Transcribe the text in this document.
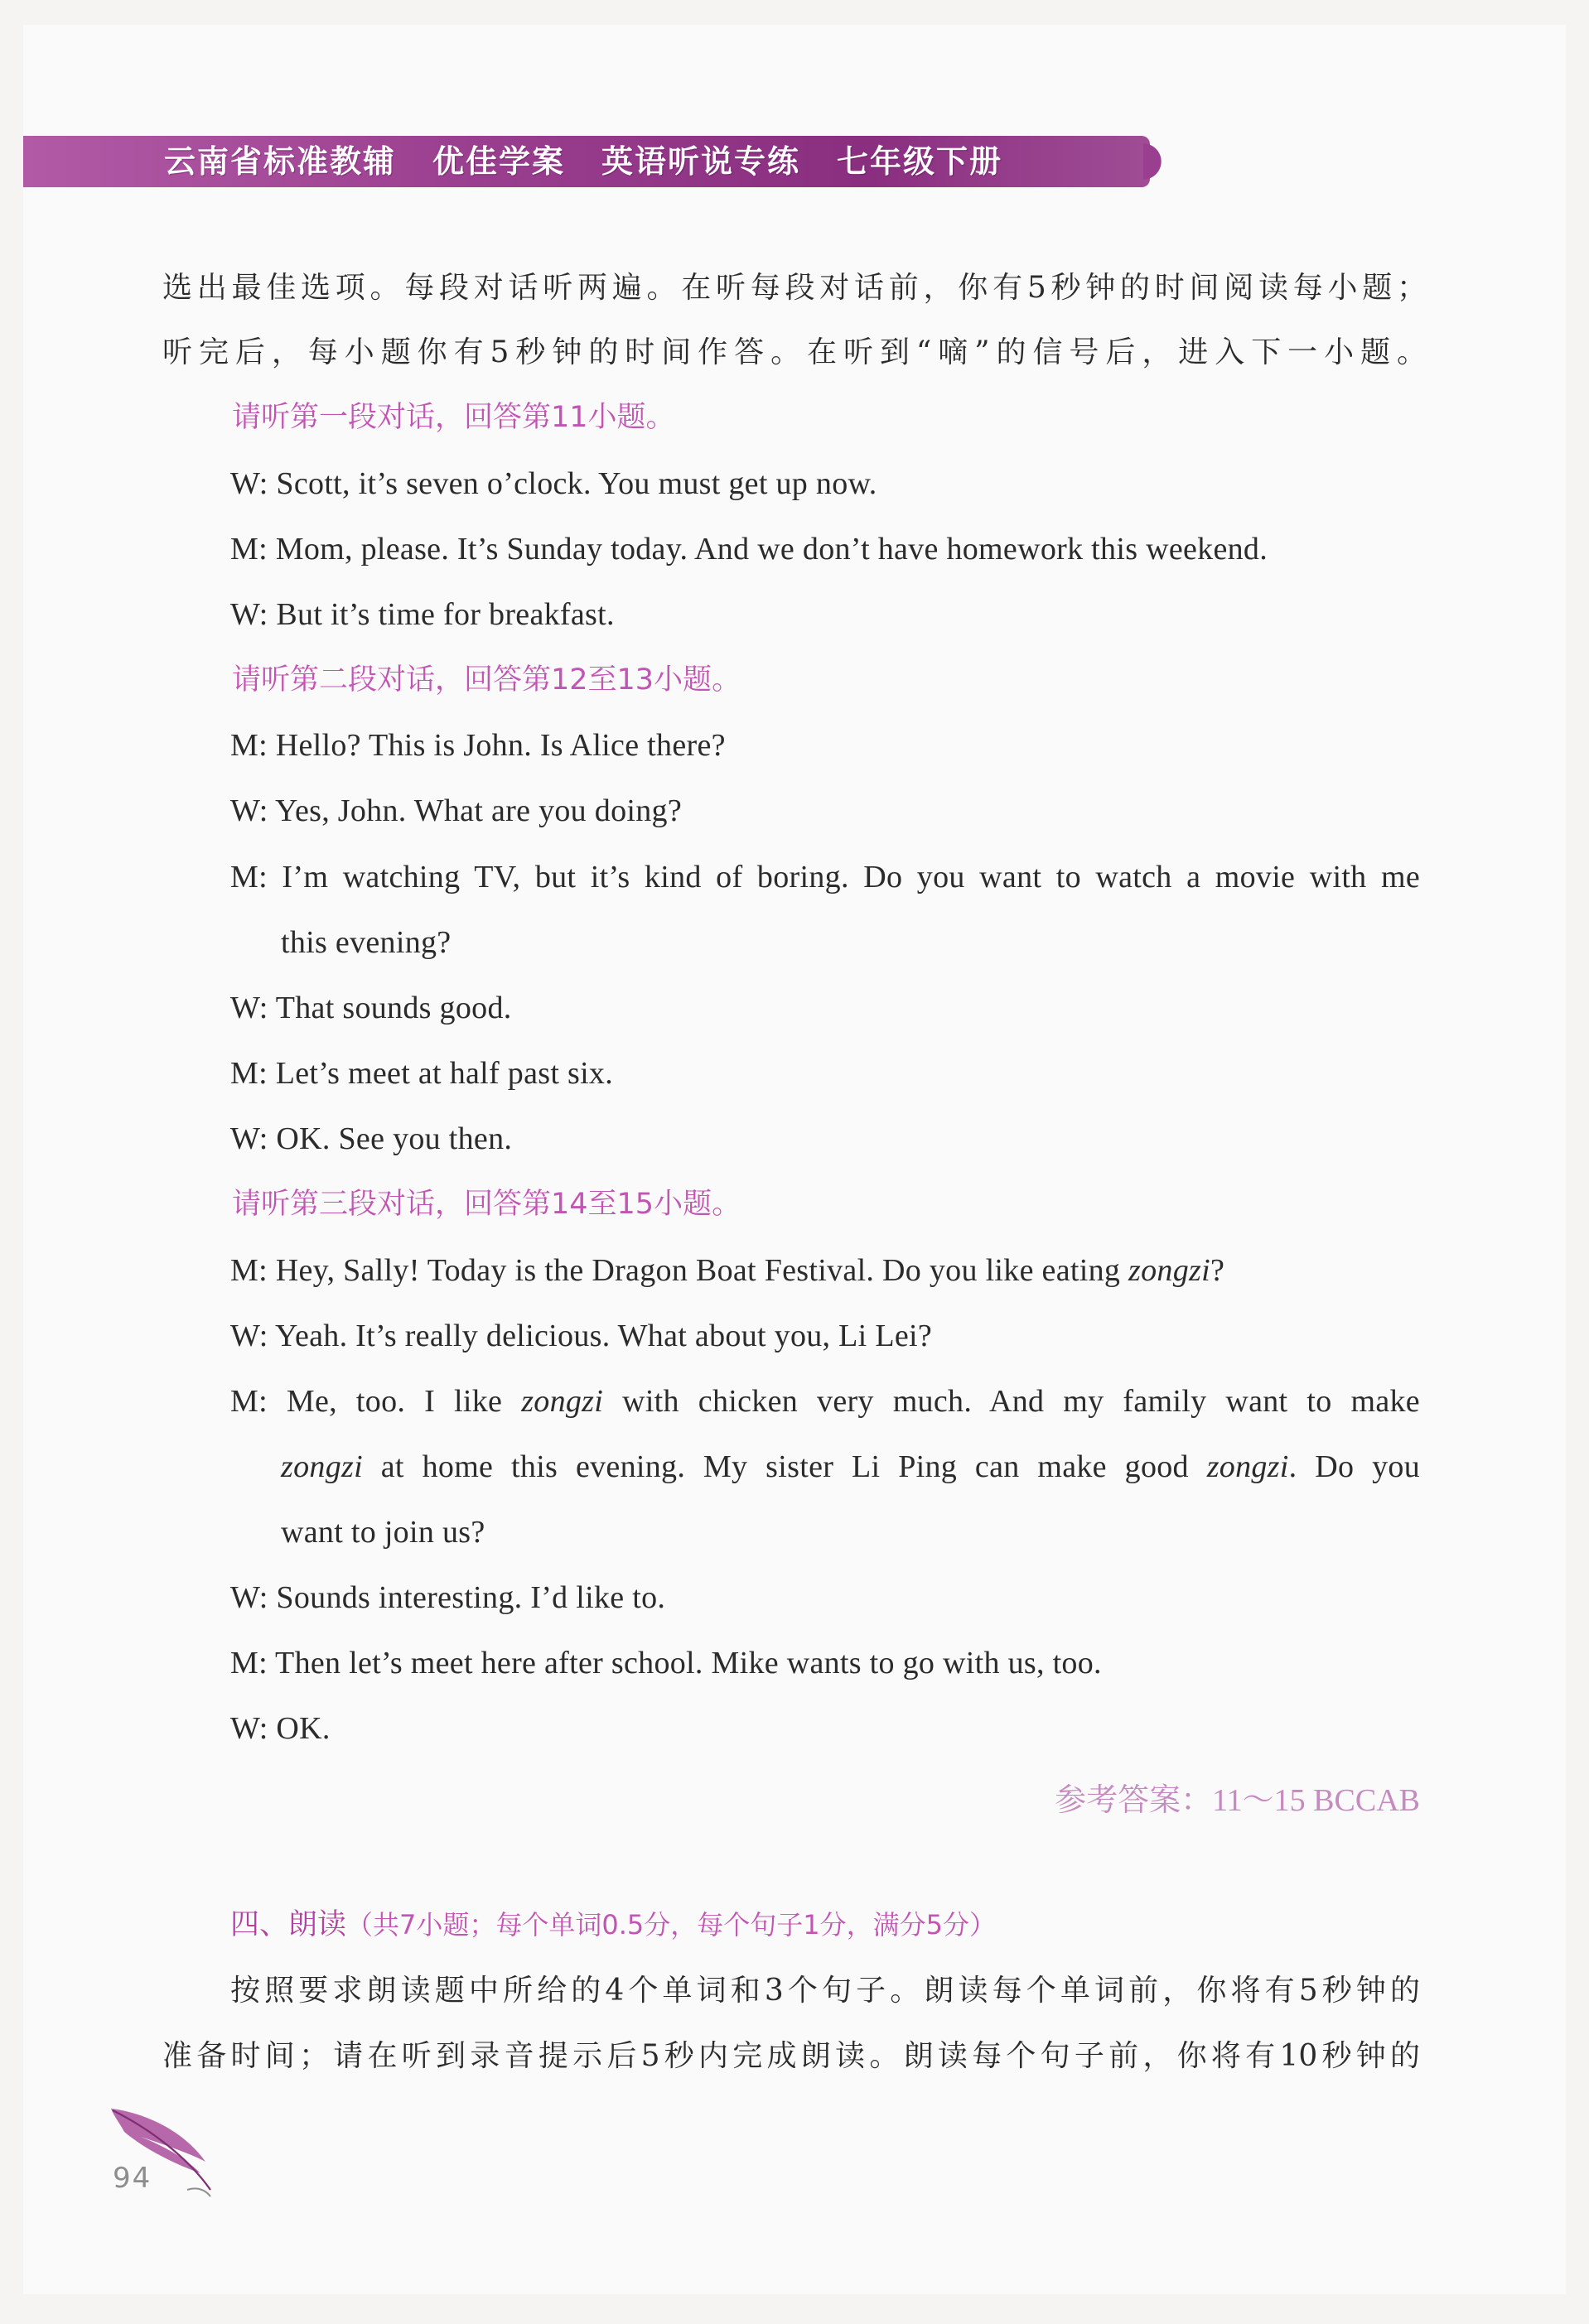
云南省标准教辅 优佳学案 英语听说专练 七年级下册
选出最佳选项。每段对话听两遍。在听每段对话前，你有5秒钟的时间阅读每小题；
听完后，每小题你有5秒钟的时间作答。在听到“嘀”的信号后，进入下一小题。
请听第一段对话，回答第11小题。
W: Scott, it’s seven o’clock. You must get up now.
M: Mom, please. It’s Sunday today. And we don’t have homework this weekend.
W: But it’s time for breakfast.
请听第二段对话，回答第12至13小题。
M: Hello? This is John. Is Alice there?
W: Yes, John. What are you doing?
M: I’m watching TV, but it’s kind of boring. Do you want to watch a movie with me
this evening?
W: That sounds good.
M: Let’s meet at half past six.
W: OK. See you then.
请听第三段对话，回答第14至15小题。
M: Hey, Sally! Today is the Dragon Boat Festival. Do you like eating zongzi?
W: Yeah. It’s really delicious. What about you, Li Lei?
M: Me, too. I like zongzi with chicken very much. And my family want to make
zongzi at home this evening. My sister Li Ping can make good zongzi. Do you
want to join us?
W: Sounds interesting. I’d like to.
M: Then let’s meet here after school. Mike wants to go with us, too.
W: OK.
参考答案：11～15 BCCAB
四、朗读（共7小题；每个单词0.5分，每个句子1分，满分5分）
按照要求朗读题中所给的4个单词和3个句子。朗读每个单词前，你将有5秒钟的
准备时间；请在听到录音提示后5秒内完成朗读。朗读每个句子前，你将有10秒钟的
94
